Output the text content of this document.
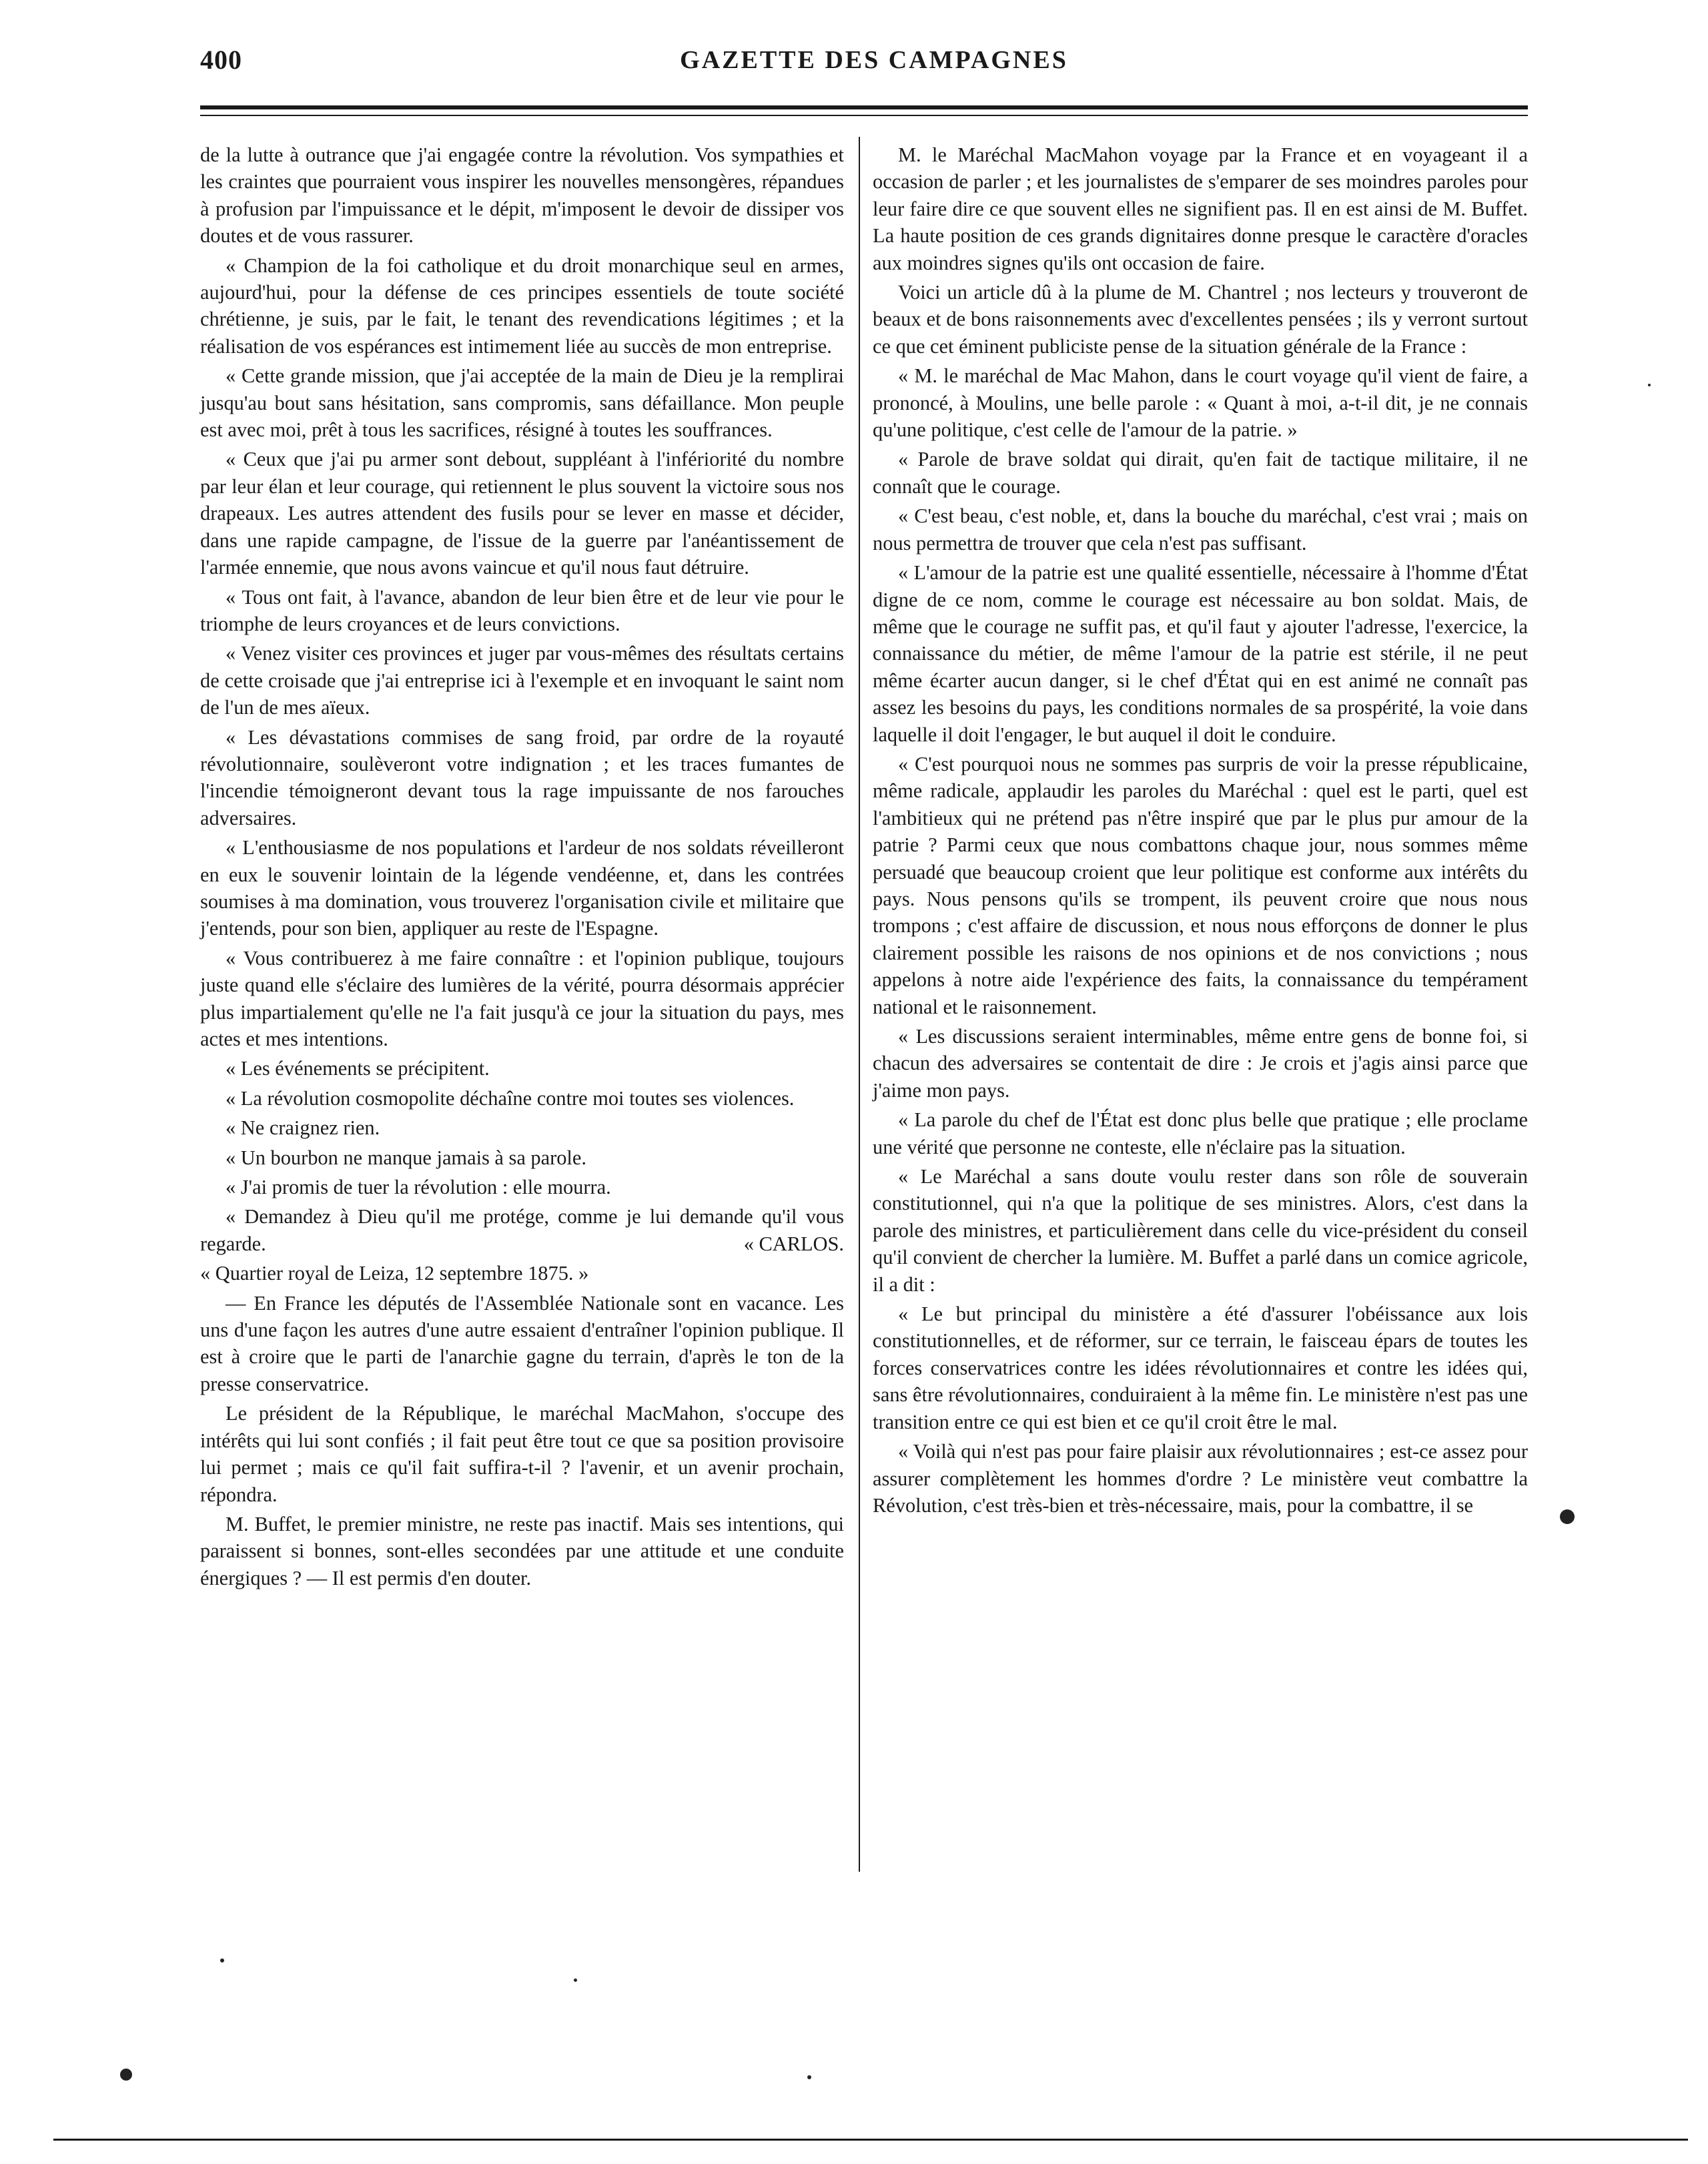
400	GAZETTE DES CAMPAGNES

de la lutte à outrance que j'ai engagée contre la révolution. Vos sympathies et les craintes que pourraient vous inspirer les nouvelles mensongères, répandues à profusion par l'impuissance et le dépit, m'imposent le devoir de dissiper vos doutes et de vous rassurer.

« Champion de la foi catholique et du droit monarchique seul en armes, aujourd'hui, pour la défense de ces principes essentiels de toute société chrétienne, je suis, par le fait, le tenant des revendications légitimes ; et la réalisation de vos espérances est intimement liée au succès de mon entreprise.

« Cette grande mission, que j'ai acceptée de la main de Dieu je la remplirai jusqu'au bout sans hésitation, sans compromis, sans défaillance. Mon peuple est avec moi, prêt à tous les sacrifices, résigné à toutes les souffrances.

« Ceux que j'ai pu armer sont debout, suppléant à l'infériorité du nombre par leur élan et leur courage, qui retiennent le plus souvent la victoire sous nos drapeaux. Les autres attendent des fusils pour se lever en masse et décider, dans une rapide campagne, de l'issue de la guerre par l'anéantissement de l'armée ennemie, que nous avons vaincue et qu'il nous faut détruire.

« Tous ont fait, à l'avance, abandon de leur bien être et de leur vie pour le triomphe de leurs croyances et de leurs convictions.

« Venez visiter ces provinces et juger par vous-mêmes des résultats certains de cette croisade que j'ai entreprise ici à l'exemple et en invoquant le saint nom de l'un de mes aïeux.

« Les dévastations commises de sang froid, par ordre de la royauté révolutionnaire, soulèveront votre indignation ; et les traces fumantes de l'incendie témoigneront devant tous la rage impuissante de nos farouches adversaires.

« L'enthousiasme de nos populations et l'ardeur de nos soldats réveilleront en eux le souvenir lointain de la légende vendéenne, et, dans les contrées soumises à ma domination, vous trouverez l'organisation civile et militaire que j'entends, pour son bien, appliquer au reste de l'Espagne.

« Vous contribuerez à me faire connaître : et l'opinion publique, toujours juste quand elle s'éclaire des lumières de la vérité, pourra désormais apprécier plus impartialement qu'elle ne l'a fait jusqu'à ce jour la situation du pays, mes actes et mes intentions.

« Les événements se précipitent.

« La révolution cosmopolite déchaîne contre moi toutes ses violences.

« Ne craignez rien.

« Un bourbon ne manque jamais à sa parole.

« J'ai promis de tuer la révolution : elle mourra.

« Demandez à Dieu qu'il me protége, comme je lui demande qu'il vous regarde.	« CARLOS.

« Quartier royal de Leiza, 12 septembre 1875. »

— En France les députés de l'Assemblée Nationale sont en vacance. Les uns d'une façon les autres d'une autre essaient d'entraîner l'opinion publique. Il est à croire que le parti de l'anarchie gagne du terrain, d'après le ton de la presse conservatrice.

Le président de la République, le maréchal MacMahon, s'occupe des intérêts qui lui sont confiés ; il fait peut être tout ce que sa position provisoire lui permet ; mais ce qu'il fait suffira-t-il ? l'avenir, et un avenir prochain, répondra.

M. Buffet, le premier ministre, ne reste pas inactif. Mais ses intentions, qui paraissent si bonnes, sont-elles secondées par une attitude et une conduite énergiques ? — Il est permis d'en douter.

M. le Maréchal MacMahon voyage par la France et en voyageant il a occasion de parler ; et les journalistes de s'emparer de ses moindres paroles pour leur faire dire ce que souvent elles ne signifient pas. Il en est ainsi de M. Buffet. La haute position de ces grands dignitaires donne presque le caractère d'oracles aux moindres signes qu'ils ont occasion de faire.

Voici un article dû à la plume de M. Chantrel ; nos lecteurs y trouveront de beaux et de bons raisonnements avec d'excellentes pensées ; ils y verront surtout ce que cet éminent publiciste pense de la situation générale de la France :

« M. le maréchal de Mac Mahon, dans le court voyage qu'il vient de faire, a prononcé, à Moulins, une belle parole : « Quant à moi, a-t-il dit, je ne connais qu'une politique, c'est celle de l'amour de la patrie. »

« Parole de brave soldat qui dirait, qu'en fait de tactique militaire, il ne connaît que le courage.

« C'est beau, c'est noble, et, dans la bouche du maréchal, c'est vrai ; mais on nous permettra de trouver que cela n'est pas suffisant.

« L'amour de la patrie est une qualité essentielle, nécessaire à l'homme d'État digne de ce nom, comme le courage est nécessaire au bon soldat. Mais, de même que le courage ne suffit pas, et qu'il faut y ajouter l'adresse, l'exercice, la connaissance du métier, de même l'amour de la patrie est stérile, il ne peut même écarter aucun danger, si le chef d'État qui en est animé ne connaît pas assez les besoins du pays, les conditions normales de sa prospérité, la voie dans laquelle il doit l'engager, le but auquel il doit le conduire.

« C'est pourquoi nous ne sommes pas surpris de voir la presse républicaine, même radicale, applaudir les paroles du Maréchal : quel est le parti, quel est l'ambitieux qui ne prétend pas n'être inspiré que par le plus pur amour de la patrie ? Parmi ceux que nous combattons chaque jour, nous sommes même persuadé que beaucoup croient que leur politique est conforme aux intérêts du pays. Nous pensons qu'ils se trompent, ils peuvent croire que nous nous trompons ; c'est affaire de discussion, et nous nous efforçons de donner le plus clairement possible les raisons de nos opinions et de nos convictions ; nous appelons à notre aide l'expérience des faits, la connaissance du tempérament national et le raisonnement.

« Les discussions seraient interminables, même entre gens de bonne foi, si chacun des adversaires se contentait de dire : Je crois et j'agis ainsi parce que j'aime mon pays.

« La parole du chef de l'État est donc plus belle que pratique ; elle proclame une vérité que personne ne conteste, elle n'éclaire pas la situation.

« Le Maréchal a sans doute voulu rester dans son rôle de souverain constitutionnel, qui n'a que la politique de ses ministres. Alors, c'est dans la parole des ministres, et particulièrement dans celle du vice-président du conseil qu'il convient de chercher la lumière. M. Buffet a parlé dans un comice agricole, il a dit :

« Le but principal du ministère a été d'assurer l'obéissance aux lois constitutionnelles, et de réformer, sur ce terrain, le faisceau épars de toutes les forces conservatrices contre les idées révolutionnaires et contre les idées qui, sans être révolutionnaires, conduiraient à la même fin. Le ministère n'est pas une transition entre ce qui est bien et ce qu'il croit être le mal.

« Voilà qui n'est pas pour faire plaisir aux révolutionnaires ; est-ce assez pour assurer complètement les hommes d'ordre ? Le ministère veut combattre la Révolution, c'est très-bien et très-nécessaire, mais, pour la combattre, il se
